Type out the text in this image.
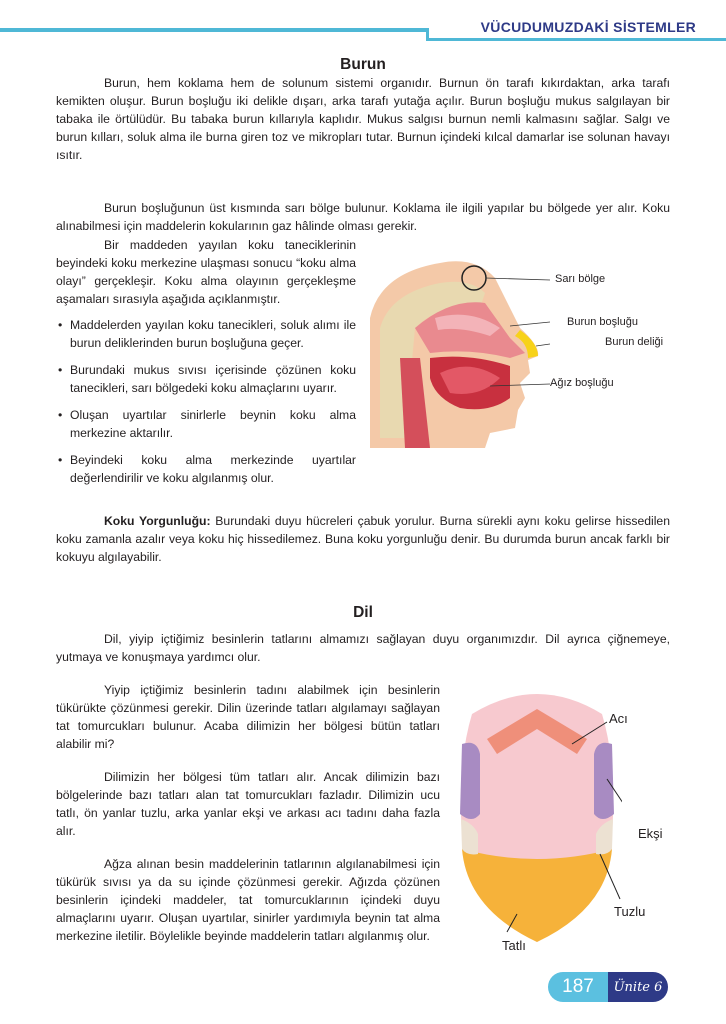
VÜCUDUMUZDAKİ SİSTEMLER
Burun

Burun, hem koklama hem de solunum sistemi organıdır. Burnun ön tarafı kıkırdaktan, arka tarafı kemikten oluşur. Burun boşluğu iki delikle dışarı, arka tarafı yutağa açılır. Burun boşluğu mukus salgılayan bir tabaka ile örtülüdür. Bu tabaka burun kıllarıyla kaplıdır. Mukus salgısı burnun nemli kalmasını sağlar. Salgı ve burun kılları, soluk alma ile burna giren toz ve mikropları tutar. Burnun içindeki kılcal damarlar ise solunan havayı ısıtır.

Burun boşluğunun üst kısmında sarı bölge bulunur. Koklama ile ilgili yapılar bu bölgede yer alır. Koku alınabilmesi için maddelerin kokularının gaz hâlinde olması gerekir.

Bir maddeden yayılan koku taneciklerinin beyindeki koku merkezine ulaşması sonucu “koku alma olayı” gerçekleşir. Koku alma olayının gerçekleşme aşamaları sırasıyla aşağıda açıklanmıştır.

• Maddelerden yayılan koku tanecikleri, soluk alımı ile burun deliklerinden burun boşluğuna geçer.
• Burundaki mukus sıvısı içerisinde çözünen koku tanecikleri, sarı bölgedeki koku almaçlarını uyarır.
• Oluşan uyartılar sinirlerle beynin koku alma merkezine aktarılır.
• Beyindeki koku alma merkezinde uyartılar değerlendirilir ve koku algılanmış olur.
Sarı bölge
Burun boşluğu
Burun deliği
Ağız boşluğu

Koku Yorgunluğu: Burundaki duyu hücreleri çabuk yorulur. Burna sürekli aynı koku gelirse hissedilen koku zamanla azalır veya koku hiç hissedilemez. Buna koku yorgunluğu denir. Bu durumda burun ancak farklı bir kokuyu algılayabilir.

Dil

Dil, yiyip içtiğimiz besinlerin tatlarını almamızı sağlayan duyu organımızdır. Dil ayrıca çiğnemeye, yutmaya ve konuşmaya yardımcı olur.

Yiyip içtiğimiz besinlerin tadını alabilmek için besinlerin tükürükte çözünmesi gerekir. Dilin üzerinde tatları algılamayı sağlayan tat tomurcukları bulunur. Acaba dilimizin her bölgesi bütün tatları alabilir mi?

Dilimizin her bölgesi tüm tatları alır. Ancak dilimizin bazı bölgelerinde bazı tatları alan tat tomurcukları fazladır. Dilimizin ucu tatlı, ön yanlar tuzlu, arka yanlar ekşi ve arkası acı tadını daha fazla alır.

Ağza alınan besin maddelerinin tatlarının algılanabilmesi için tükürük sıvısı ya da su içinde çözünmesi gerekir. Ağızda çözünen besinlerin içindeki maddeler, tat tomurcuklarının içindeki duyu almaçlarını uyarır. Oluşan uyartılar, sinirler yardımıyla beynin tat alma merkezine iletilir. Böylelikle beyinde maddelerin tatları algılanmış olur.

Acı
Ekşi
Tuzlu
Tatlı
187	Ünite 6
